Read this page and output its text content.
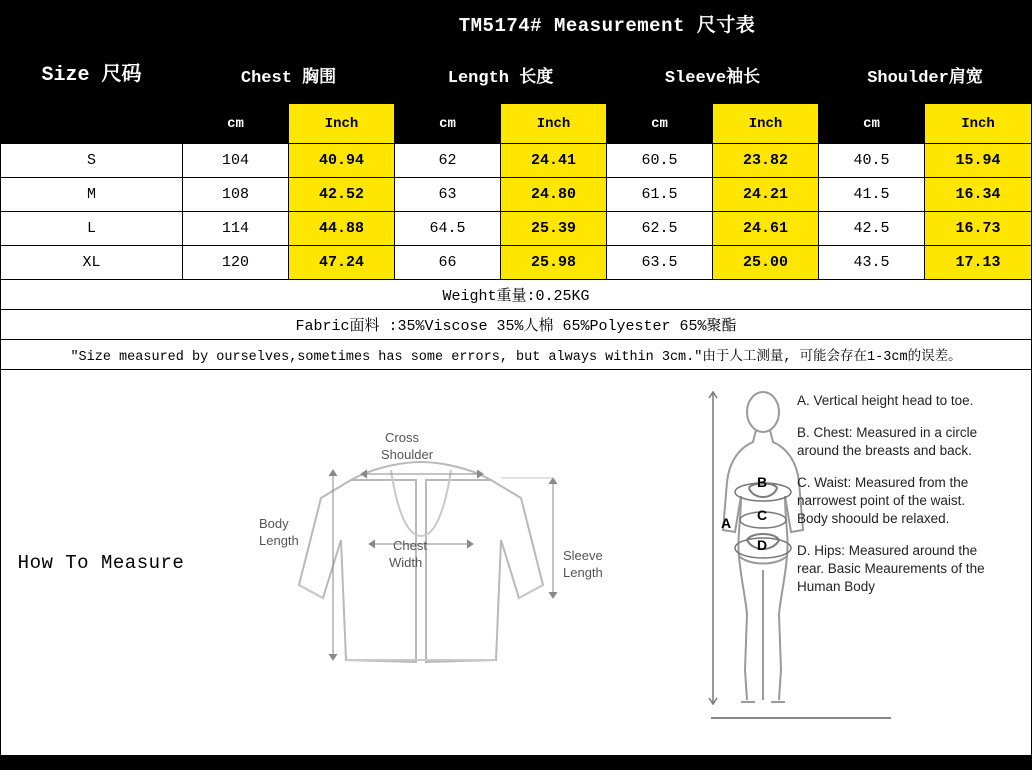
Size 尺码	TM5174# Measurement 尺寸表							
	Chest 胸围		Length 长度		Sleeve袖长		Shoulder肩宽	
	cm	Inch	cm	Inch	cm	Inch	cm	Inch
S	104	40.94	62	24.41	60.5	23.82	40.5	15.94
M	108	42.52	63	24.80	61.5	24.21	41.5	16.34
L	114	44.88	64.5	25.39	62.5	24.61	42.5	16.73
XL	120	47.24	66	25.98	63.5	25.00	43.5	17.13
Weight重量:0.25KG								
Fabric面料 :35%Viscose 35%人棉 65%Polyester 65%聚酯								
″Size measured by ourselves,sometimes has some errors, but always within 3cm.″由于人工测量, 可能会存在1-3cm的误差。								
How To Measure
Cross
Shoulder
Body
Length	Chest
Width	Sleeve
Length
A
B
C
D

A. Vertical height head to toe.

B. Chest: Measured in a circle around the breasts and back.

C. Waist: Measured from the narrowest point of the waist. Body shoould be relaxed.

D. Hips: Measured around the rear. Basic Meaurements of the Human Body
